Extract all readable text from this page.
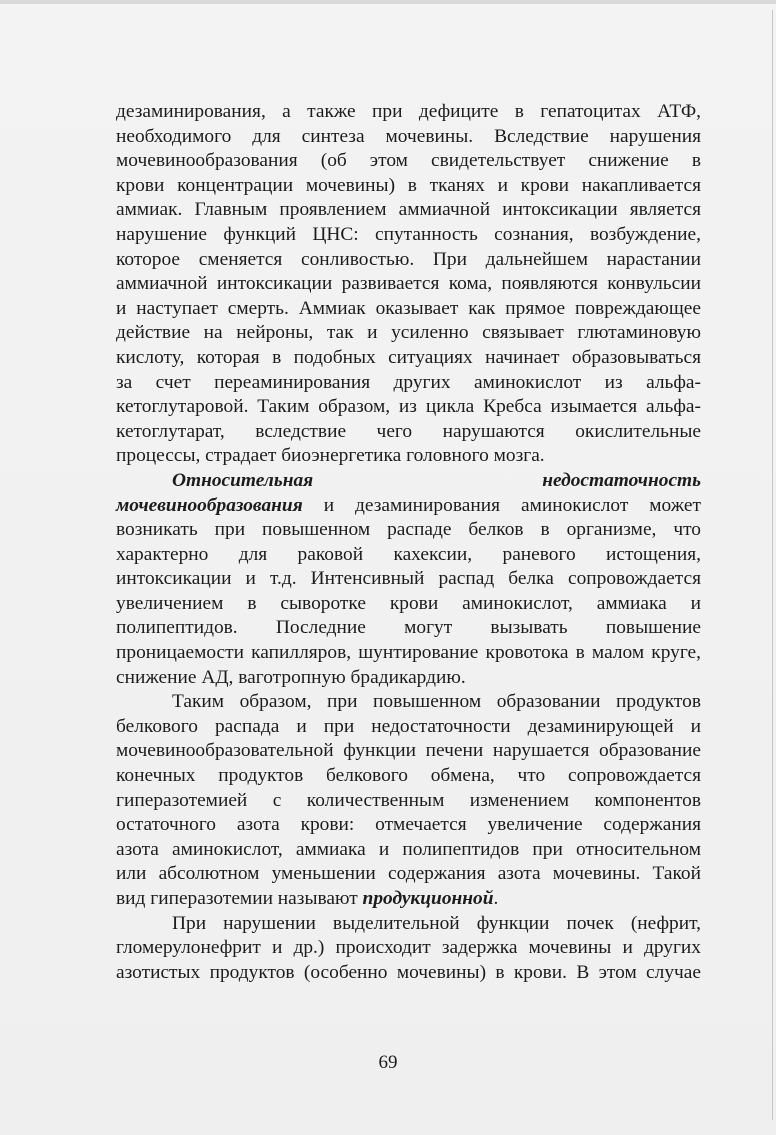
дезаминирования, а также при дефиците в гепатоцитах АТФ,
необходимого для синтеза мочевины. Вследствие нарушения
мочевинообразования (об этом свидетельствует снижение в
крови концентрации мочевины) в тканях и крови накапливается
аммиак. Главным проявлением аммиачной интоксикации является
нарушение функций ЦНС: спутанность сознания, возбуждение,
которое сменяется сонливостью. При дальнейшем нарастании
аммиачной интоксикации развивается кома, появляются конвульсии
и наступает смерть. Аммиак оказывает как прямое повреждающее
действие на нейроны, так и усиленно связывает глютаминовую
кислоту, которая в подобных ситуациях начинает образовываться
за счет переаминирования других аминокислот из альфа-
кетоглутаровой. Таким образом, из цикла Кребса изымается альфа-
кетоглутарат, вследствие чего нарушаются окислительные
процессы, страдает биоэнергетика головного мозга.
Относительная недостаточность
мочевинообразования и дезаминирования аминокислот может
возникать при повышенном распаде белков в организме, что
характерно для раковой кахексии, раневого истощения,
интоксикации и т.д. Интенсивный распад белка сопровождается
увеличением в сыворотке крови аминокислот, аммиака и
полипептидов. Последние могут вызывать повышение
проницаемости капилляров, шунтирование кровотока в малом круге,
снижение АД, ваготропную брадикардию.
Таким образом, при повышенном образовании продуктов
белкового распада и при недостаточности дезаминирующей и
мочевинообразовательной функции печени нарушается образование
конечных продуктов белкового обмена, что сопровождается
гиперазотемией с количественным изменением компонентов
остаточного азота крови: отмечается увеличение содержания
азота аминокислот, аммиака и полипептидов при относительном
или абсолютном уменьшении содержания азота мочевины. Такой
вид гиперазотемии называют продукционной.
При нарушении выделительной функции почек (нефрит,
гломерулонефрит и др.) происходит задержка мочевины и других
азотистых продуктов (особенно мочевины) в крови. В этом случае
69
